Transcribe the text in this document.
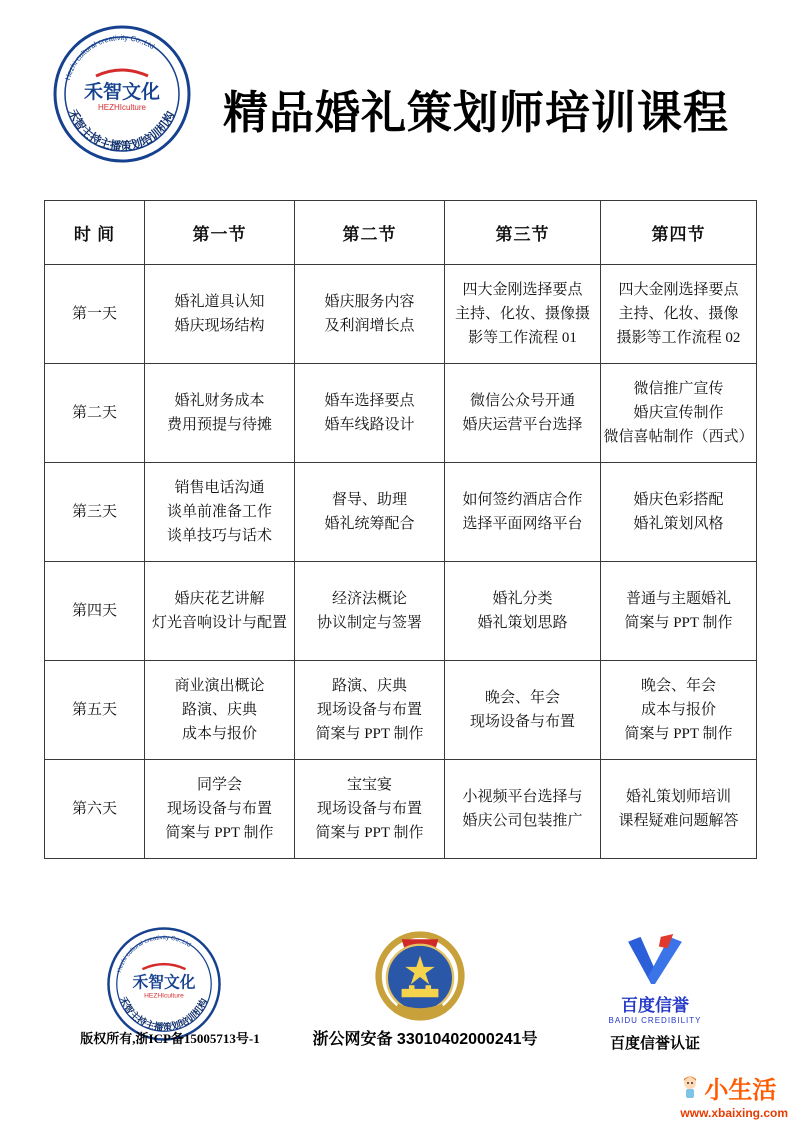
Hezhi cultural creativity Co.,Ltd
禾智文化
HEZHIculture
禾智主持主播策划培训机构	精品婚礼策划师培训课程
时 间	第一节	第二节	第三节	第四节
第一天	
婚礼道具认知
婚庆现场结构

婚庆服务内容
及利润增长点

四大金刚选择要点
主持、化妆、摄像摄
影等工作流程 01

四大金刚选择要点
主持、化妆、摄像
摄影等工作流程 02

第二天	
婚礼财务成本
费用预提与待摊

婚车选择要点
婚车线路设计

微信公众号开通
婚庆运营平台选择

微信推广宣传
婚庆宣传制作
微信喜帖制作（西式）

第三天	
销售电话沟通
谈单前准备工作
谈单技巧与话术

督导、助理
婚礼统筹配合

如何签约酒店合作
选择平面网络平台

婚庆色彩搭配
婚礼策划风格

第四天	
婚庆花艺讲解
灯光音响设计与配置

经济法概论
协议制定与签署

婚礼分类
婚礼策划思路

普通与主题婚礼
简案与 PPT 制作

第五天	
商业演出概论
路演、庆典
成本与报价

路演、庆典
现场设备与布置
简案与 PPT 制作

晚会、年会
现场设备与布置

晚会、年会
成本与报价
简案与 PPT 制作

第六天	
同学会
现场设备与布置
简案与 PPT 制作

宝宝宴
现场设备与布置
简案与 PPT 制作

小视频平台选择与
婚庆公司包装推广

婚礼策划师培训
课程疑难问题解答
Hezhi cultural creativity Co.,Ltd
禾智文化
HEZHIculture
禾智主持主播策划培训机构
版权所有,浙ICP备15005713号-1	浙公网安备 33010402000241号
百度信誉
BAIDU CREDIBILITY
百度信誉认证
小生活
www.xbaixing.com
